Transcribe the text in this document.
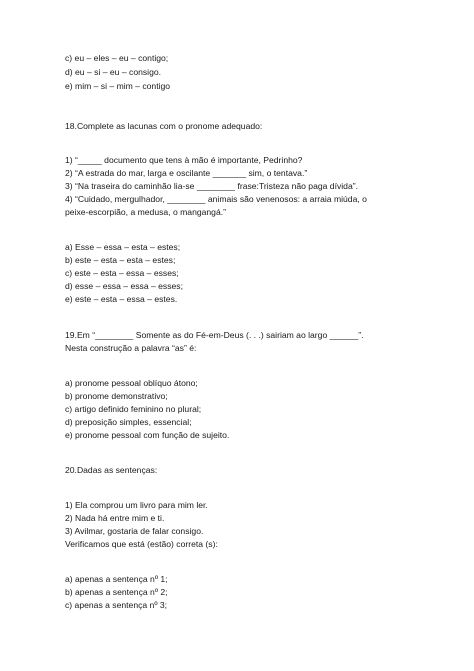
c) eu – eles – eu – contigo;
d) eu – si – eu – consigo.
e) mim – si – mim – contigo
18.Complete as lacunas com o pronome adequado:
1) “_____ documento que tens à mão é importante, Pedrinho?
2) “A estrada do mar, larga e oscilante _______ sim, o tentava.”
3) “Na traseira do caminhão lia-se ________ frase:Tristeza não paga dívida”.
4) “Cuidado, mergulhador, ________ animais são venenosos: a arraia miúda, o
peixe-escorpião, a medusa, o mangangá.”
a) Esse – essa – esta – estes;
b) este – esta – esta – estes;
c) este – esta – essa – esses;
d) esse – essa – essa – esses;
e) este – esta – essa – estes.
19.Em “________ Somente as do Fé-em-Deus (. . .) sairiam ao largo ______”.
Nesta construção a palavra “as” é:
a) pronome pessoal oblíquo átono;
b) pronome demonstrativo;
c) artigo definido feminino no plural;
d) preposição simples, essencial;
e) pronome pessoal com função de sujeito.
20.Dadas as sentenças:
1) Ela comprou um livro para mim ler.
2) Nada há entre mim e ti.
3) Avilmar, gostaria de falar consigo.
Verificamos que está (estão) correta (s):
a) apenas a sentença nº 1;
b) apenas a sentença nº 2;
c) apenas a sentença nº 3;
